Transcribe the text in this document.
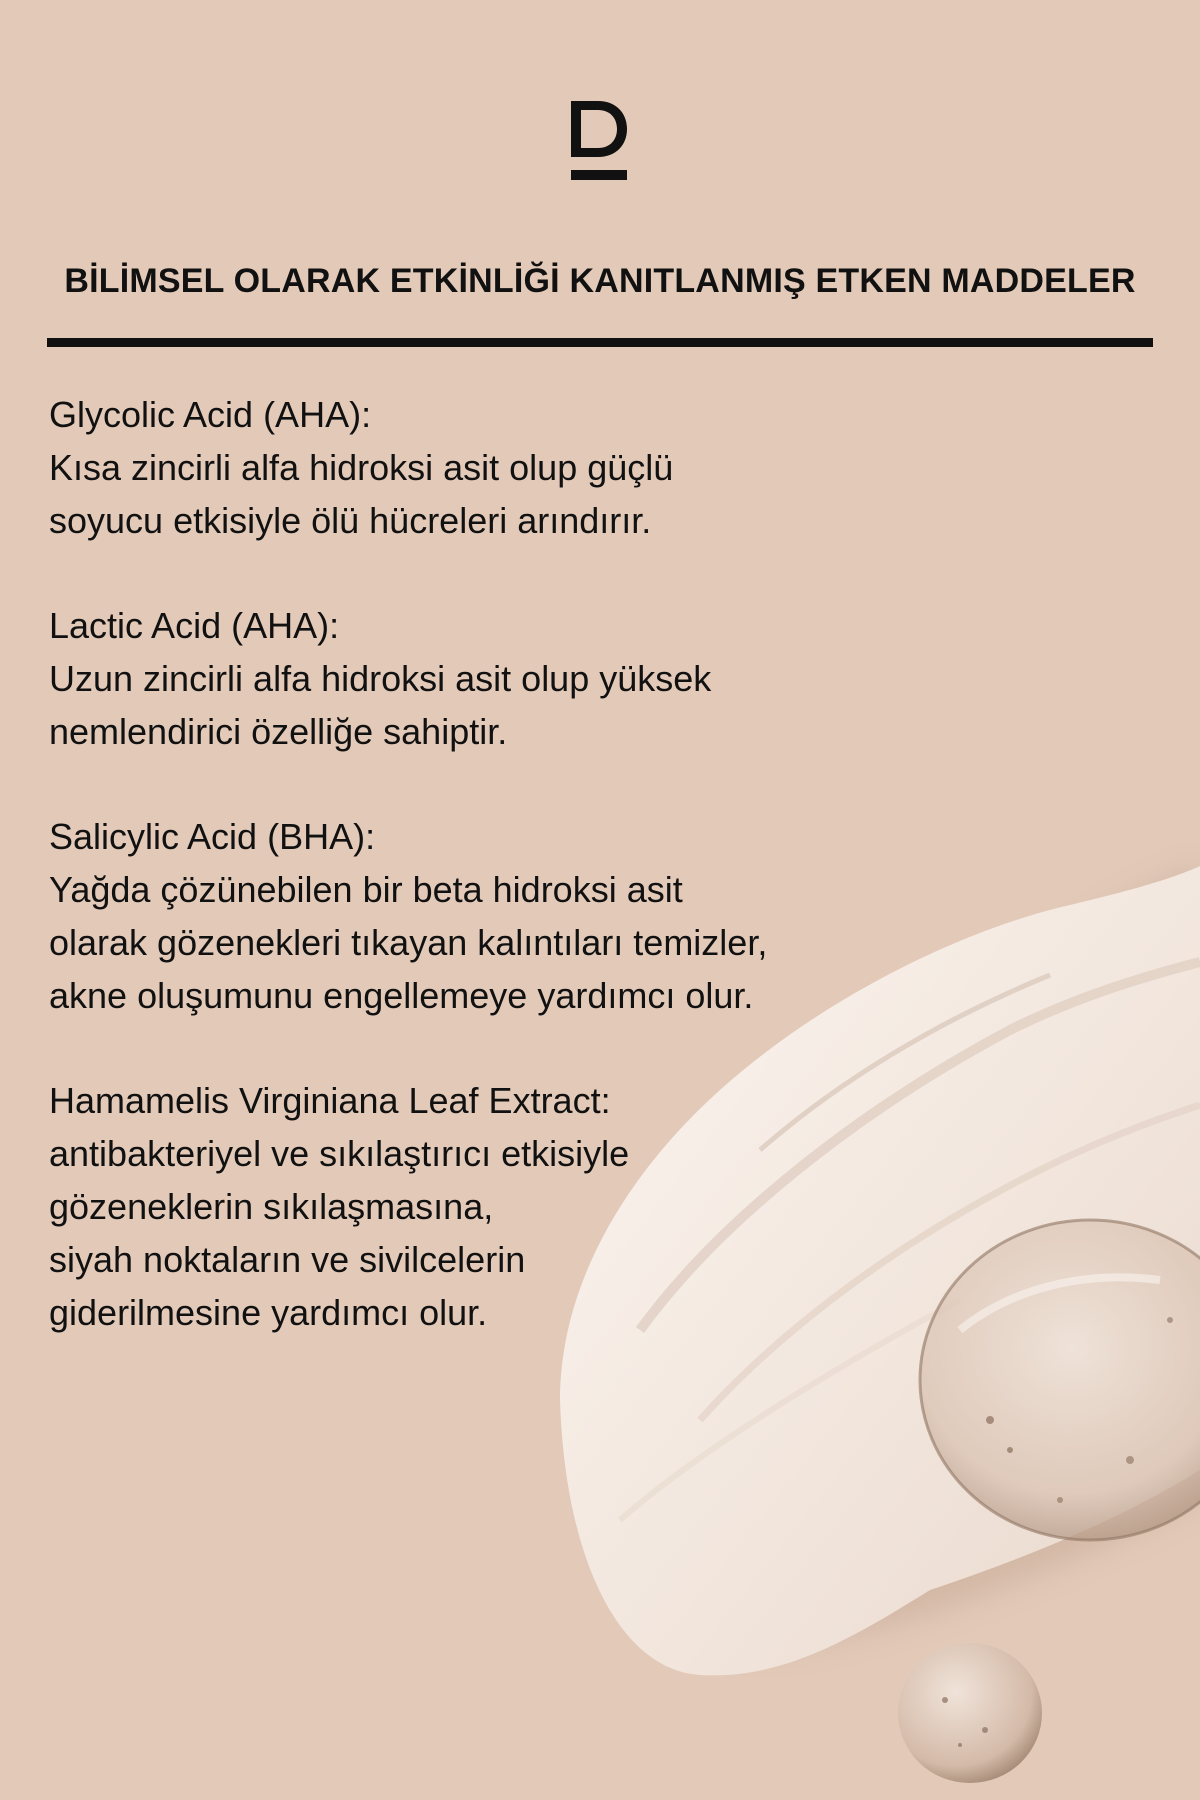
BİLİMSEL OLARAK ETKİNLİĞİ KANITLANMIŞ ETKEN MADDELER
Glycolic Acid (AHA):
Kısa zincirli alfa hidroksi asit olup güçlü
soyucu etkisiyle ölü hücreleri arındırır.
Lactic Acid (AHA):
Uzun zincirli alfa hidroksi asit olup yüksek
nemlendirici özelliğe sahiptir.
Salicylic Acid (BHA):
Yağda çözünebilen bir beta hidroksi asit
olarak gözenekleri tıkayan kalıntıları temizler,
akne oluşumunu engellemeye yardımcı olur.
Hamamelis Virginiana Leaf Extract:
antibakteriyel ve sıkılaştırıcı etkisiyle
gözeneklerin sıkılaşmasına,
siyah noktaların ve sivilcelerin
giderilmesine yardımcı olur.
